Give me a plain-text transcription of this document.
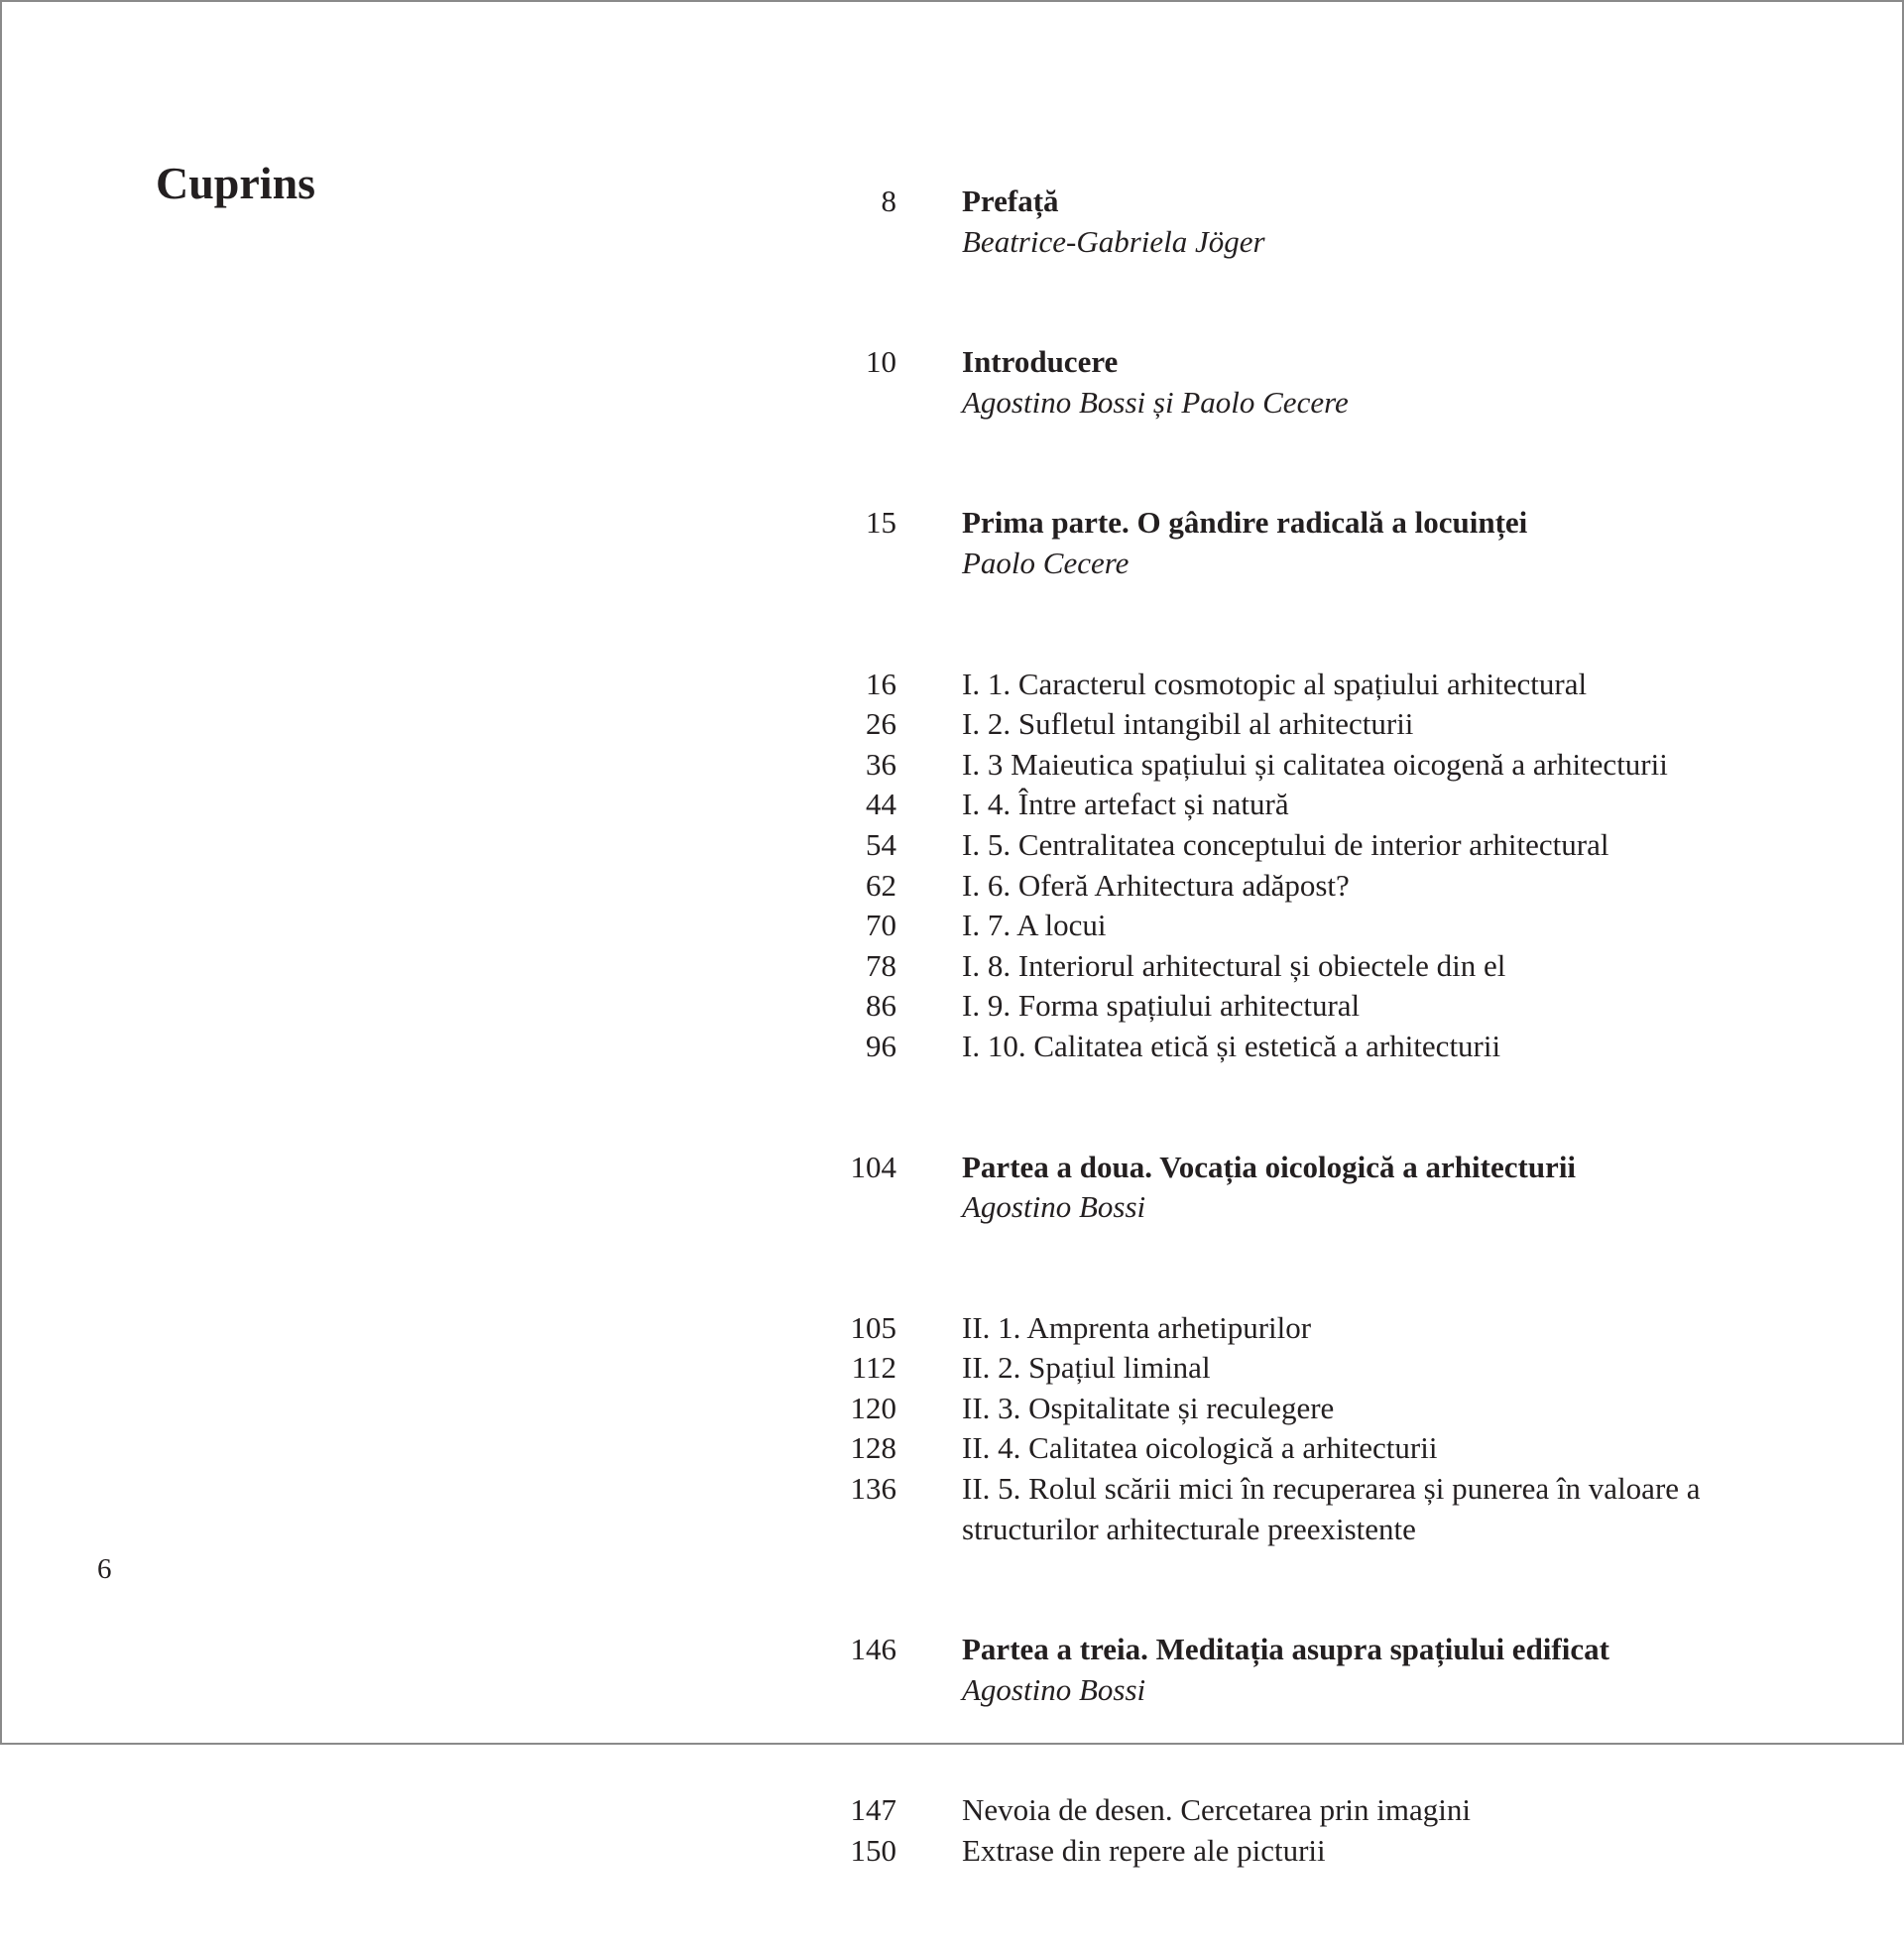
Cuprins	8 Prefață
Beatrice-Gabriela Jöger
10 Introducere
Agostino Bossi și Paolo Cecere
15 Prima parte. O gândire radicală a locuinței
Paolo Cecere
16 I. 1. Caracterul cosmotopic al spațiului arhitectural
26 I. 2. Sufletul intangibil al arhitecturii
36 I. 3 Maieutica spațiului și calitatea oicogenă a arhitecturii
44 I. 4. Între artefact și natură
54 I. 5. Centralitatea conceptului de interior arhitectural
62 I. 6. Oferă Arhitectura adăpost?
70 I. 7. A locui
78 I. 8. Interiorul arhitectural și obiectele din el
86 I. 9. Forma spațiului arhitectural
96 I. 10. Calitatea etică și estetică a arhitecturii
104 Partea a doua. Vocația oicologică a arhitecturii
Agostino Bossi
105 II. 1. Amprenta arhetipurilor
112 II. 2. Spațiul liminal
120 II. 3. Ospitalitate și reculegere
128 II. 4. Calitatea oicologică a arhitecturii
136 II. 5. Rolul scării mici în recuperarea și punerea în valoare a structurilor arhitecturale preexistente
146 Partea a treia. Meditația asupra spațiului edificat
Agostino Bossi
147 Nevoia de desen. Cercetarea prin imagini
150 Extrase din repere ale picturii
6
